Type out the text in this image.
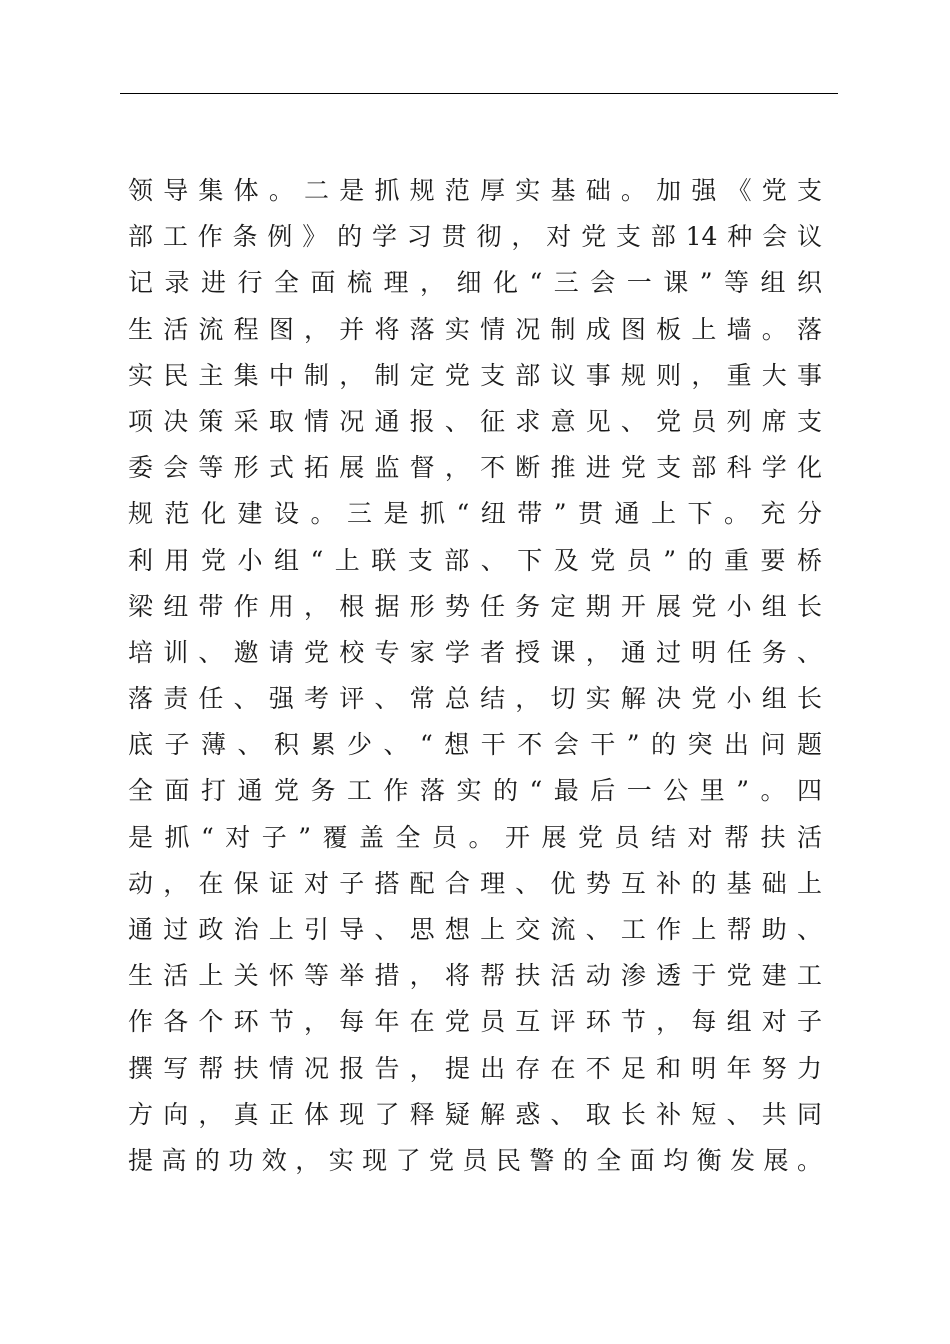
领导集体。二是抓规范厚实基础。加强《党支
部工作条例》的学习贯彻，对党支部14种会议
记录进行全面梳理，细化“三会一课”等组织
生活流程图，并将落实情况制成图板上墙。落
实民主集中制，制定党支部议事规则，重大事
项决策采取情况通报、征求意见、党员列席支
委会等形式拓展监督，不断推进党支部科学化
规范化建设。三是抓“纽带”贯通上下。充分
利用党小组“上联支部、下及党员”的重要桥
梁纽带作用，根据形势任务定期开展党小组长
培训、邀请党校专家学者授课，通过明任务、
落责任、强考评、常总结，切实解决党小组长
底子薄、积累少、“想干不会干”的突出问题
全面打通党务工作落实的“最后一公里”。四
是抓“对子”覆盖全员。开展党员结对帮扶活
动，在保证对子搭配合理、优势互补的基础上
通过政治上引导、思想上交流、工作上帮助、
生活上关怀等举措，将帮扶活动渗透于党建工
作各个环节，每年在党员互评环节，每组对子
撰写帮扶情况报告，提出存在不足和明年努力
方向，真正体现了释疑解惑、取长补短、共同
提高的功效，实现了党员民警的全面均衡发展。
